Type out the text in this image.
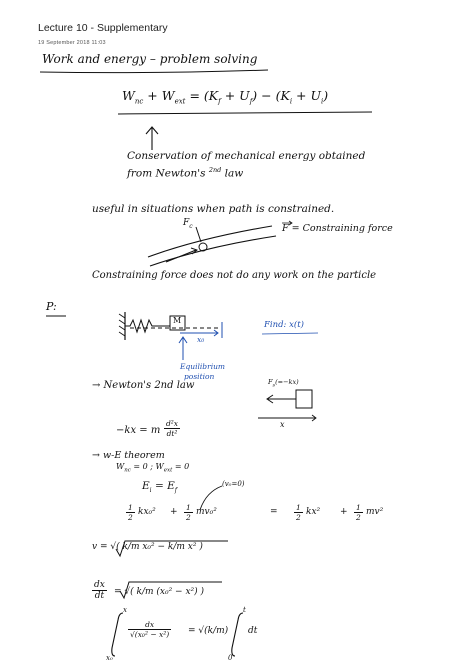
Lecture 10 - Supplementary
19 September 2018 11:03
Work and energy – problem solving
$W_{nc} + W_{ext} = (K_f + U_f) - (K_i + U_i)$
Conservation of mechanical energy obtained
from Newton's $^{2nd}$ law
useful in situations when path is constrained.
$F_c$	F = Constraining force
Constraining force does not do any work on the particle
P:
M
x₀
Find: x(t)
Equilibrium
position
→ Newton's 2nd law	$F_s(=-kx)$
x
−kx = m $\frac{\text{d²x}}{\text{dt²}}$
→ w-E theorem
$W_{nc} = 0$ ; $W_{ext} = 0$
$E_i = E_f$
(v₀=0)
$\frac{1}{2} kx_0^2 + \frac{1}{2} mv_0^2$	= $\frac{1}{2} kx^2 + \frac{1}{2} mv^2$
v = √( k/m x₀² − k/m x² )
$\frac{dx}{dt}$ = √( k/m (x₀² − x²) )
x
x₀
$\frac{dx}{\text{√(x₀² − x²)}} = √(k/m)$
t
0
dt
